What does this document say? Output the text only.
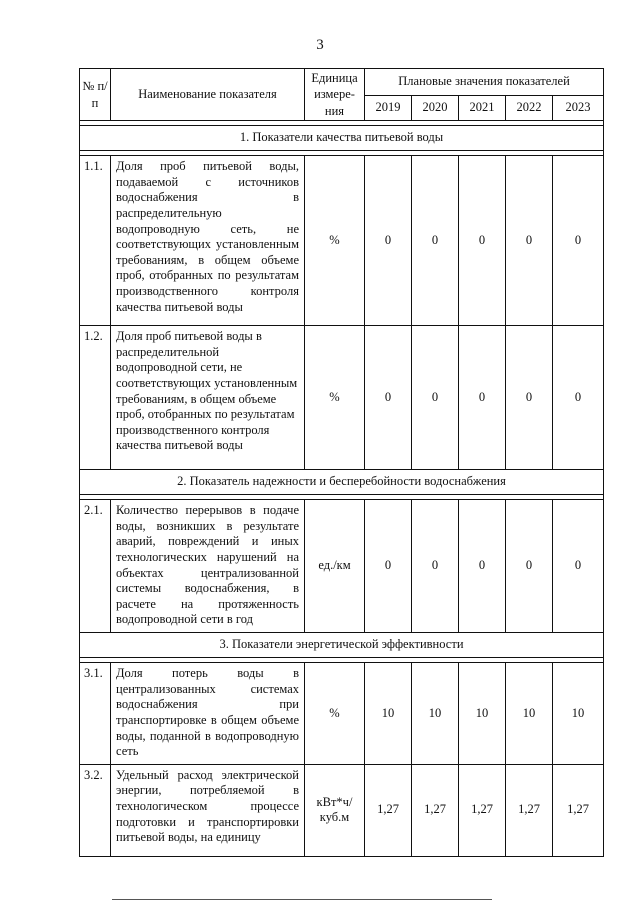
3
№ п/п	Наименование показателя	Единица измере-ния	Плановые значения показателей				
			2019	2020	2021	2022	2023

1. Показатели качества питьевой воды							

1.1.	Доля проб питьевой воды, подаваемой с источников водоснабжения в распределительную водопроводную сеть, не соответствующих установленным требованиям, в общем объеме проб, отобранных по результатам производственного контроля качества питьевой воды	%	0	0	0	0	0
1.2.	Доля проб питьевой воды в распределительной водопроводной сети, не соответствующих установленным требованиям, в общем объеме проб, отобранных по результатам производственного контроля качества питьевой воды	%	0	0	0	0	0
2. Показатель надежности и бесперебойности водоснабжения							

2.1.	Количество перерывов в подаче воды, возникших в результате аварий, повреждений и иных технологических нарушений на объектах централизованной системы водоснабжения, в расчете на протяженность водопроводной сети в год	ед./км	0	0	0	0	0
3. Показатели энергетической эффективности							

3.1.	Доля потерь воды в централизованных системах водоснабжения при транспортировке в общем объеме воды, поданной в водопроводную сеть	%	10	10	10	10	10
3.2.	Удельный расход электрической энергии, потребляемой в технологическом процессе подготовки и транспортировки питьевой воды, на единицу	кВт*ч/куб.м	1,27	1,27	1,27	1,27	1,27
